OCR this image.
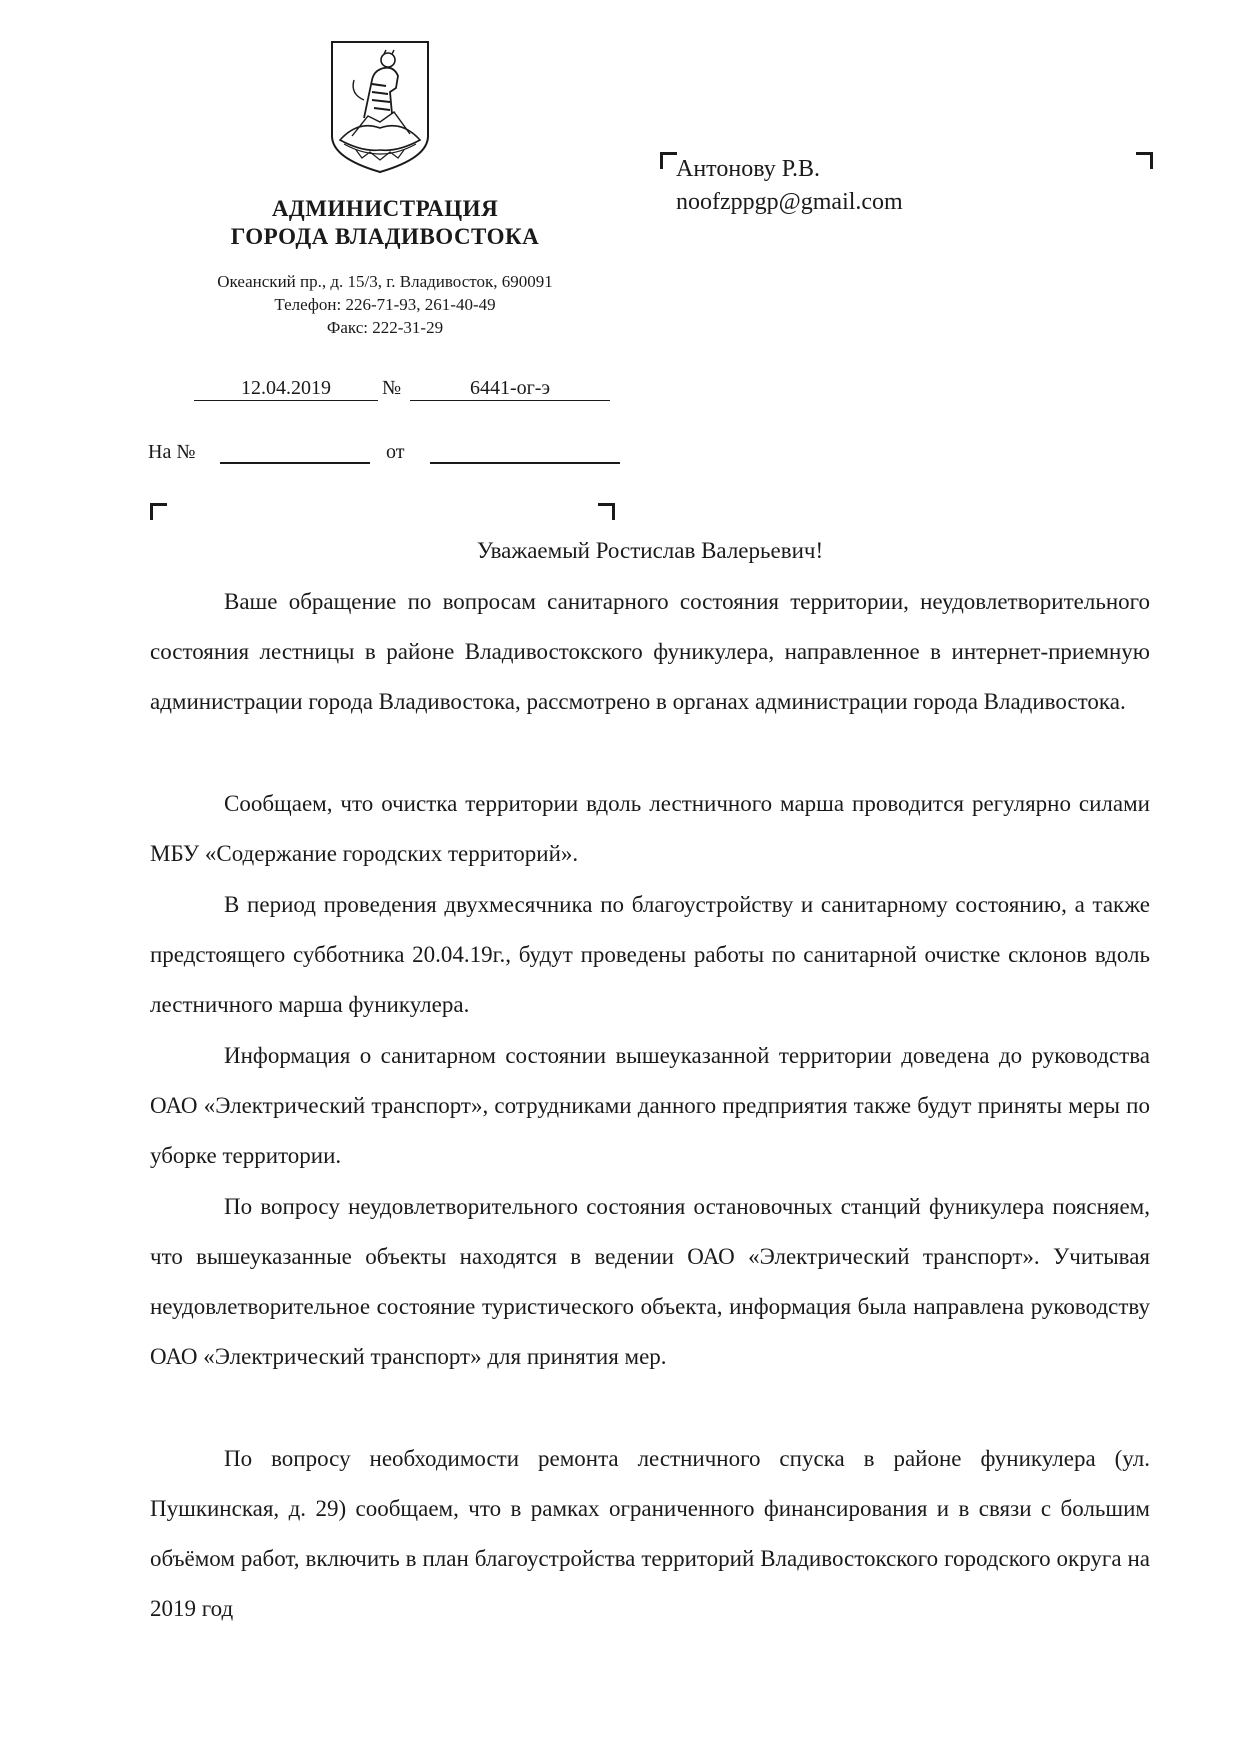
АДМИНИСТРАЦИЯ
ГОРОДА ВЛАДИВОСТОКА
Океанский пр., д. 15/3, г. Владивосток, 690091
Телефон: 226-71-93, 261-40-49
Факс: 222-31-29
12.04.2019	№	6441-ог-э
На №	от
Антонову Р.В.
noofzppgp@gmail.com
Уважаемый Ростислав Валерьевич!
Ваше обращение по вопросам санитарного состояния территории, неудовлетворительного состояния лестницы в районе Владивостокского фуникулера, направленное в интернет-приемную администрации города Владивостока, рассмотрено в органах администрации города Владивостока.
Сообщаем, что очистка территории вдоль лестничного марша проводится регулярно силами МБУ «Содержание городских территорий».
В период проведения двухмесячника по благоустройству и санитарному состоянию, а также предстоящего субботника 20.04.19г., будут проведены работы по санитарной очистке склонов вдоль лестничного марша фуникулера.
Информация о санитарном состоянии вышеуказанной территории доведена до руководства ОАО «Электрический транспорт», сотрудниками данного предприятия также будут приняты меры по уборке территории.
По вопросу неудовлетворительного состояния остановочных станций фуникулера поясняем, что вышеуказанные объекты находятся в ведении ОАО «Электрический транспорт». Учитывая неудовлетворительное состояние туристического объекта, информация была направлена руководству ОАО «Электрический транспорт» для принятия мер.
По вопросу необходимости ремонта лестничного спуска в районе фуникулера (ул. Пушкинская, д. 29) сообщаем, что в рамках ограниченного финансирования и в связи с большим объёмом работ, включить в план благоустройства территорий Владивостокского городского округа на 2019 год
